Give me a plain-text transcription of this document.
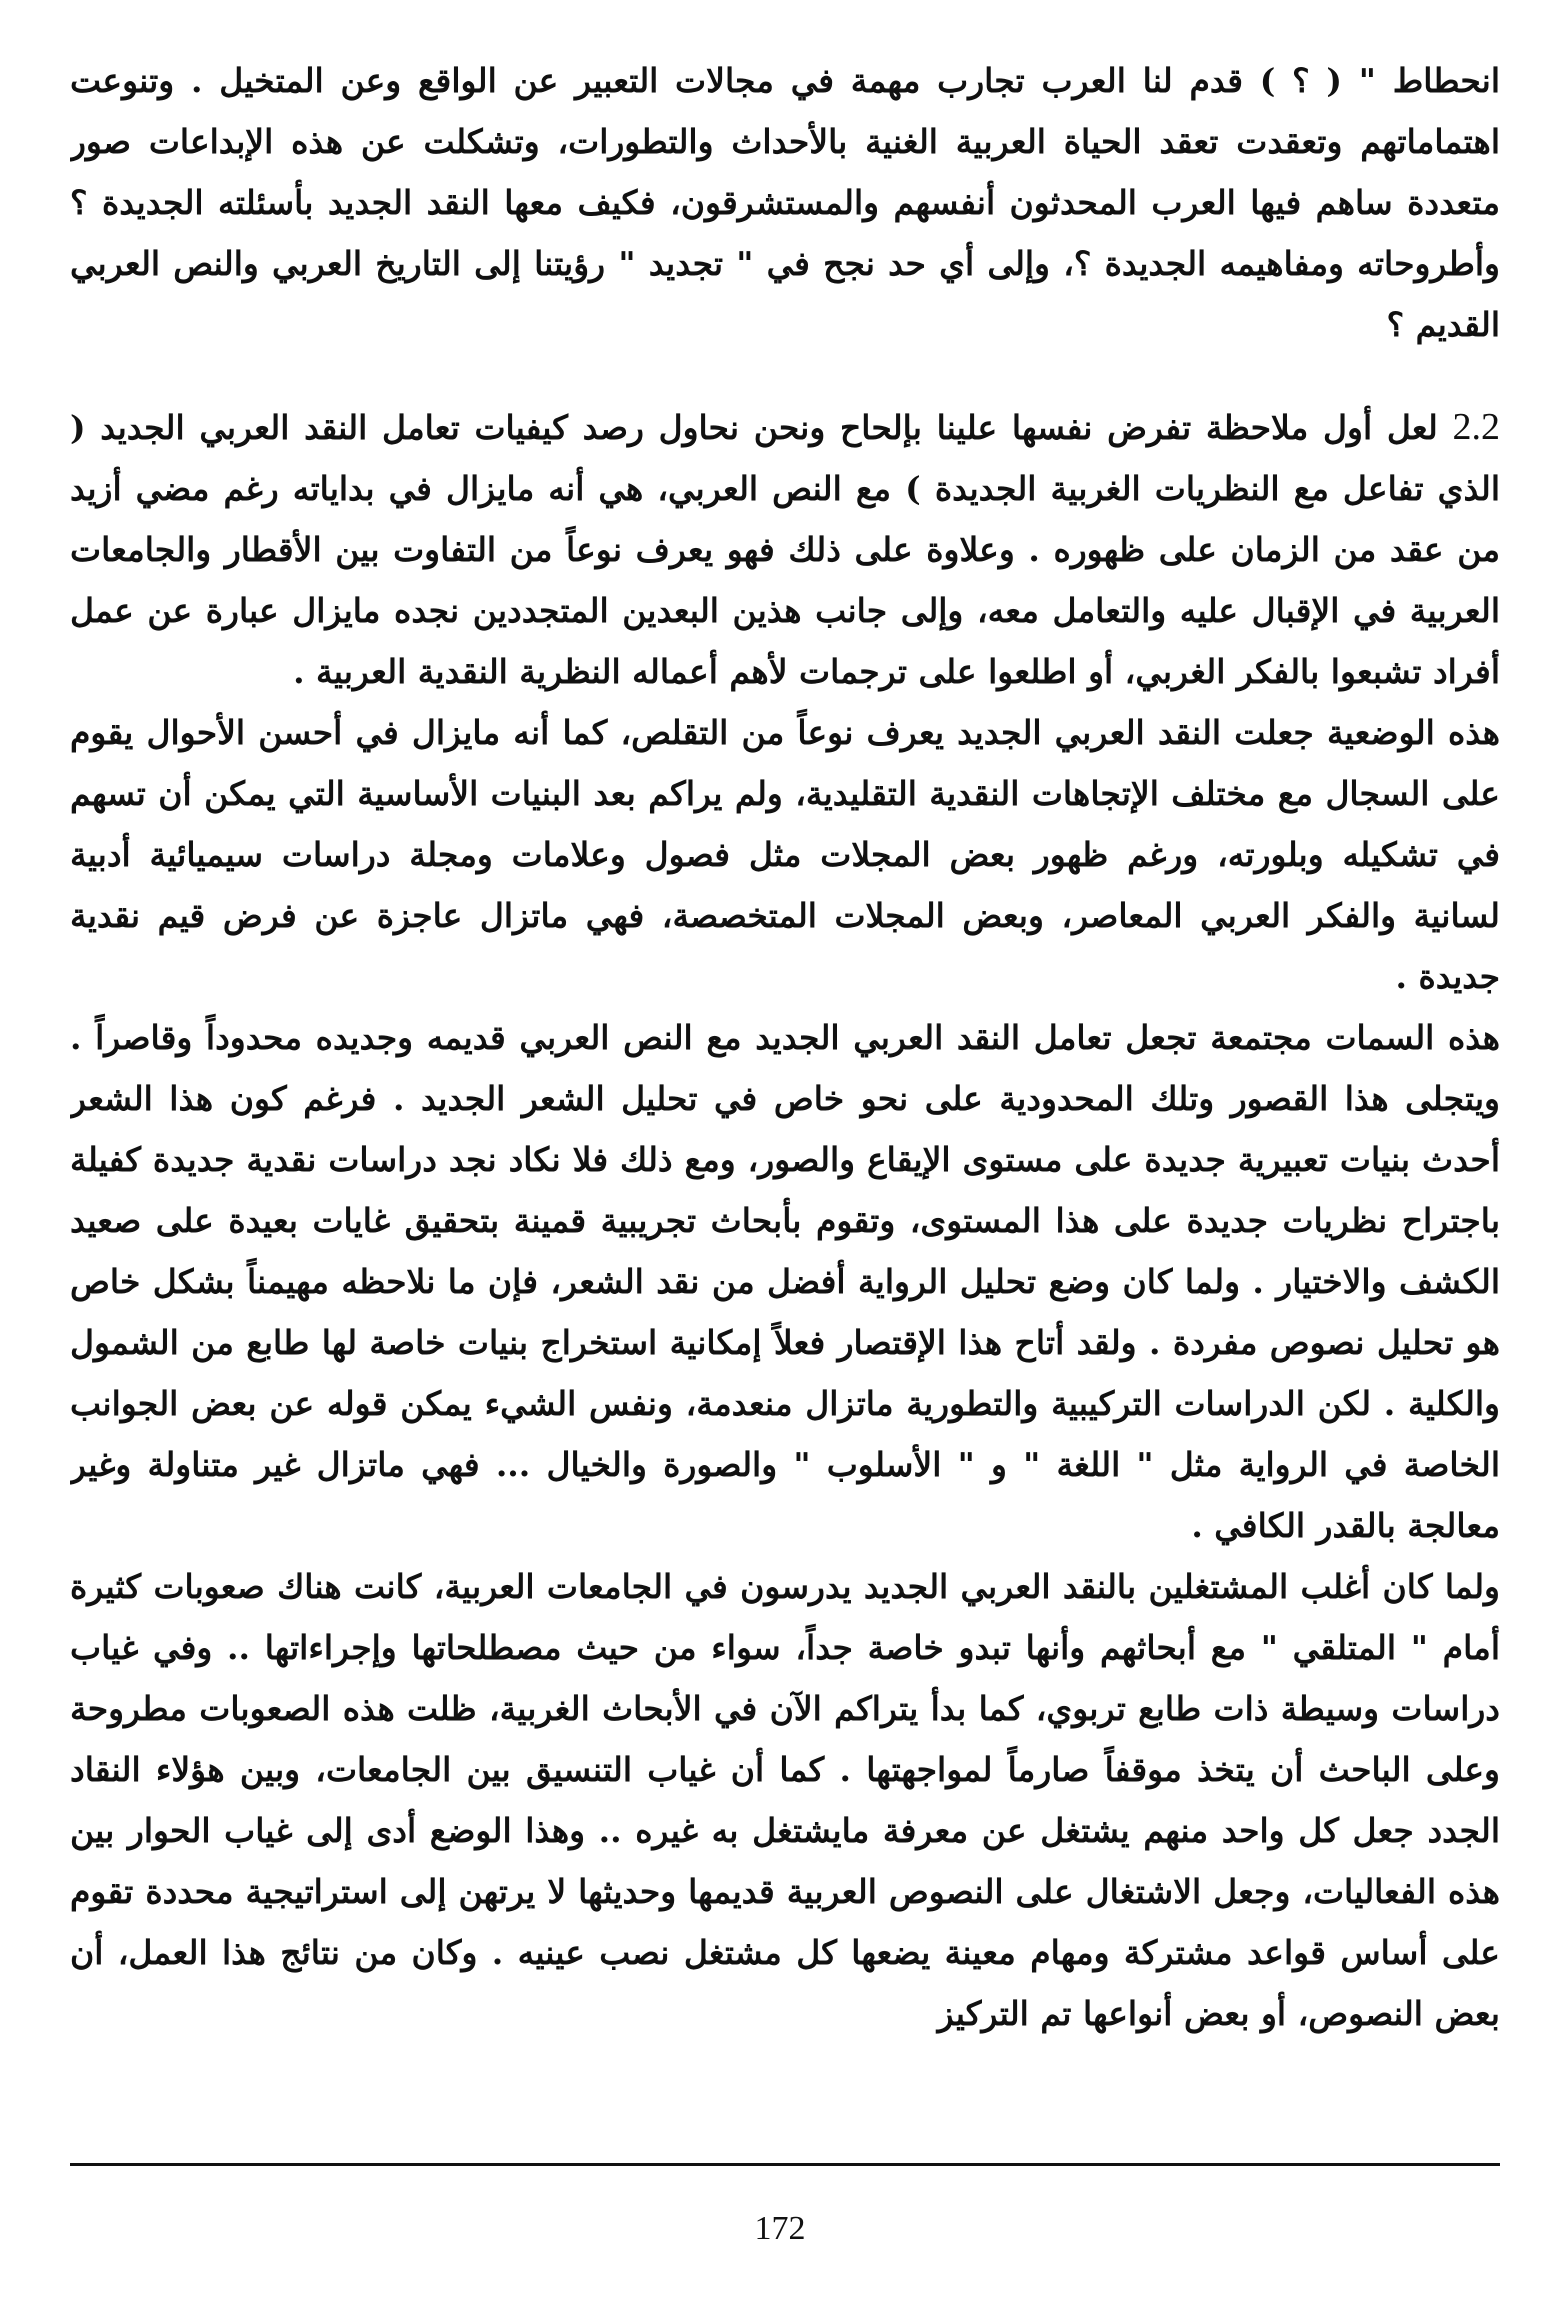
انحطاط " ( ؟ ) قدم لنا العرب تجارب مهمة في مجالات التعبير عن الواقع وعن المتخيل . وتنوعت اهتماماتهم وتعقدت تعقد الحياة العربية الغنية بالأحداث والتطورات، وتشكلت عن هذه الإبداعات صور متعددة ساهم فيها العرب المحدثون أنفسهم والمستشرقون، فكيف معها النقد الجديد بأسئلته الجديدة ؟ وأطروحاته ومفاهيمه الجديدة ؟، وإلى أي حد نجح في " تجديد " رؤيتنا إلى التاريخ العربي والنص العربي القديم ؟

2.2 لعل أول ملاحظة تفرض نفسها علينا بإلحاح ونحن نحاول رصد كيفيات تعامل النقد العربي الجديد ( الذي تفاعل مع النظريات الغربية الجديدة ) مع النص العربي، هي أنه مايزال في بداياته رغم مضي أزيد من عقد من الزمان على ظهوره . وعلاوة على ذلك فهو يعرف نوعاً من التفاوت بين الأقطار والجامعات العربية في الإقبال عليه والتعامل معه، وإلى جانب هذين البعدين المتجددين نجده مايزال عبارة عن عمل أفراد تشبعوا بالفكر الغربي، أو اطلعوا على ترجمات لأهم أعماله النظرية النقدية العربية .

هذه الوضعية جعلت النقد العربي الجديد يعرف نوعاً من التقلص، كما أنه مايزال في أحسن الأحوال يقوم على السجال مع مختلف الإتجاهات النقدية التقليدية، ولم يراكم بعد البنيات الأساسية التي يمكن أن تسهم في تشكيله وبلورته، ورغم ظهور بعض المجلات مثل فصول وعلامات ومجلة دراسات سيميائية أدبية لسانية والفكر العربي المعاصر، وبعض المجلات المتخصصة، فهي ماتزال عاجزة عن فرض قيم نقدية جديدة .

هذه السمات مجتمعة تجعل تعامل النقد العربي الجديد مع النص العربي قديمه وجديده محدوداً وقاصراً . ويتجلى هذا القصور وتلك المحدودية على نحو خاص في تحليل الشعر الجديد . فرغم كون هذا الشعر أحدث بنيات تعبيرية جديدة على مستوى الإيقاع والصور، ومع ذلك فلا نكاد نجد دراسات نقدية جديدة كفيلة باجتراح نظريات جديدة على هذا المستوى، وتقوم بأبحاث تجريبية قمينة بتحقيق غايات بعيدة على صعيد الكشف والاختيار . ولما كان وضع تحليل الرواية أفضل من نقد الشعر، فإن ما نلاحظه مهيمناً بشكل خاص هو تحليل نصوص مفردة . ولقد أتاح هذا الإقتصار فعلاً إمكانية استخراج بنيات خاصة لها طابع من الشمول والكلية . لكن الدراسات التركيبية والتطورية ماتزال منعدمة، ونفس الشيء يمكن قوله عن بعض الجوانب الخاصة في الرواية مثل " اللغة " و " الأسلوب " والصورة والخيال ... فهي ماتزال غير متناولة وغير معالجة بالقدر الكافي .

ولما كان أغلب المشتغلين بالنقد العربي الجديد يدرسون في الجامعات العربية، كانت هناك صعوبات كثيرة أمام " المتلقي " مع أبحاثهم وأنها تبدو خاصة جداً، سواء من حيث مصطلحاتها وإجراءاتها .. وفي غياب دراسات وسيطة ذات طابع تربوي، كما بدأ يتراكم الآن في الأبحاث الغربية، ظلت هذه الصعوبات مطروحة وعلى الباحث أن يتخذ موقفاً صارماً لمواجهتها . كما أن غياب التنسيق بين الجامعات، وبين هؤلاء النقاد الجدد جعل كل واحد منهم يشتغل عن معرفة مايشتغل به غيره .. وهذا الوضع أدى إلى غياب الحوار بين هذه الفعاليات، وجعل الاشتغال على النصوص العربية قديمها وحديثها لا يرتهن إلى استراتيجية محددة تقوم على أساس قواعد مشتركة ومهام معينة يضعها كل مشتغل نصب عينيه . وكان من نتائج هذا العمل، أن بعض النصوص، أو بعض أنواعها تم التركيز

172
